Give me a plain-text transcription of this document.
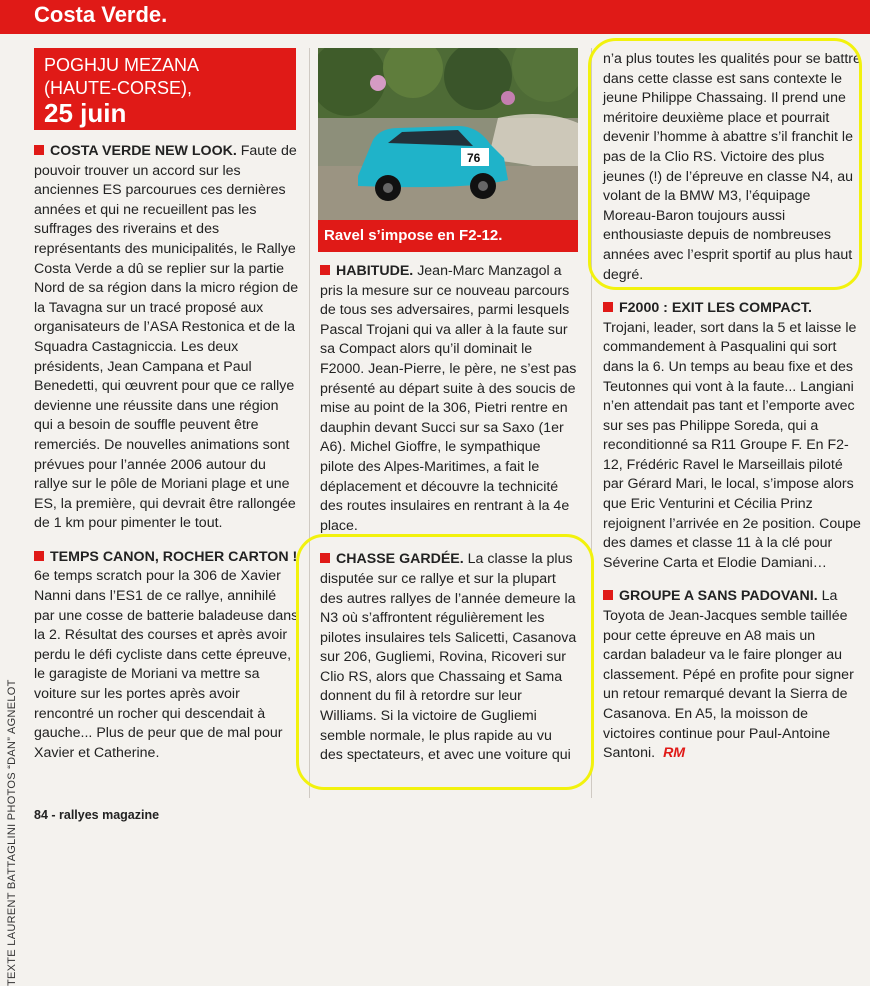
Costa Verde.
TEXTE LAURENT BATTAGLINI PHOTOS “DAN” AGNELOT
POGHJU MEZANA
(HAUTE-CORSE),
25 juin
76
Ravel s’impose en F2-12.

COSTA VERDE NEW LOOK. Faute de pouvoir trouver un accord sur les anciennes ES parcourues ces dernières années et qui ne recueillent pas les suffrages des riverains et des représentants des municipalités, le Rallye Costa Verde a dû se replier sur la partie Nord de sa région dans la micro région de la Tavagna sur un tracé proposé aux organisateurs de l’ASA Restonica et de la Squadra Castagniccia. Les deux présidents, Jean Campana et Paul Benedetti, qui œuvrent pour que ce rallye devienne une réussite dans une région qui a besoin de souffle peuvent être remerciés. De nouvelles animations sont prévues pour l’année 2006 autour du rallye sur le pôle de Moriani plage et une ES, la première, qui devrait être rallongée de 1 km pour pimenter le tout.

TEMPS CANON, ROCHER CARTON ! 6e temps scratch pour la 306 de Xavier Nanni dans l’ES1 de ce rallye, annihilé par une cosse de batterie baladeuse dans la 2. Résultat des courses et après avoir perdu le défi cycliste dans cette épreuve, le garagiste de Moriani va mettre sa voiture sur les portes après avoir rencontré un rocher qui descendait à gauche... Plus de peur que de mal pour Xavier et Catherine.

HABITUDE. Jean-Marc Manzagol a pris la mesure sur ce nouveau parcours de tous ses adversaires, parmi lesquels Pascal Trojani qui va aller à la faute sur sa Compact alors qu’il dominait le F2000. Jean-Pierre, le père, ne s’est pas présenté au départ suite à des soucis de mise au point de la 306, Pietri rentre en dauphin devant Succi sur sa Saxo (1er A6). Michel Gioffre, le sympathique pilote des Alpes-Maritimes, a fait le déplacement et découvre la technicité des routes insulaires en rentrant à la 4e place.

CHASSE GARDÉE. La classe la plus disputée sur ce rallye et sur la plupart des autres rallyes de l’année demeure la N3 où s’affrontent régulièrement les pilotes insulaires tels Salicetti, Casanova sur 206, Gugliemi, Rovina, Ricoveri sur Clio RS, alors que Chassaing et Sama donnent du fil à retordre sur leur Williams. Si la victoire de Gugliemi semble normale, le plus rapide au vu des spectateurs, et avec une voiture qui

n’a plus toutes les qualités pour se battre dans cette classe est sans contexte le jeune Philippe Chassaing. Il prend une méritoire deuxième place et pourrait devenir l’homme à abattre s’il franchit le pas de la Clio RS. Victoire des plus jeunes (!) de l’épreuve en classe N4, au volant de la BMW M3, l’équipage Moreau-Baron toujours aussi enthousiaste depuis de nombreuses années avec l’esprit sportif au plus haut degré.

F2000 : EXIT LES COMPACT. Trojani, leader, sort dans la 5 et laisse le commandement à Pasqualini qui sort dans la 6. Un temps au beau fixe et des Teutonnes qui vont à la faute... Langiani n’en attendait pas tant et l’emporte avec sur ses pas Philippe Soreda, qui a reconditionné sa R11 Groupe F. En F2-12, Frédéric Ravel le Marseillais piloté par Gérard Mari, le local, s’impose alors que Eric Venturini et Cécilia Prinz rejoignent l’arrivée en 2e position. Coupe des dames et classe 11 à la clé pour Séverine Carta et Elodie Damiani…

GROUPE A SANS PADOVANI. La Toyota de Jean-Jacques semble taillée pour cette épreuve en A8 mais un cardan baladeur va le faire plonger au classement. Pépé en profite pour signer un retour remarqué devant la Sierra de Casanova. En A5, la moisson de victoires continue pour Paul-Antoine Santoni. RM

84 - rallyes magazine
